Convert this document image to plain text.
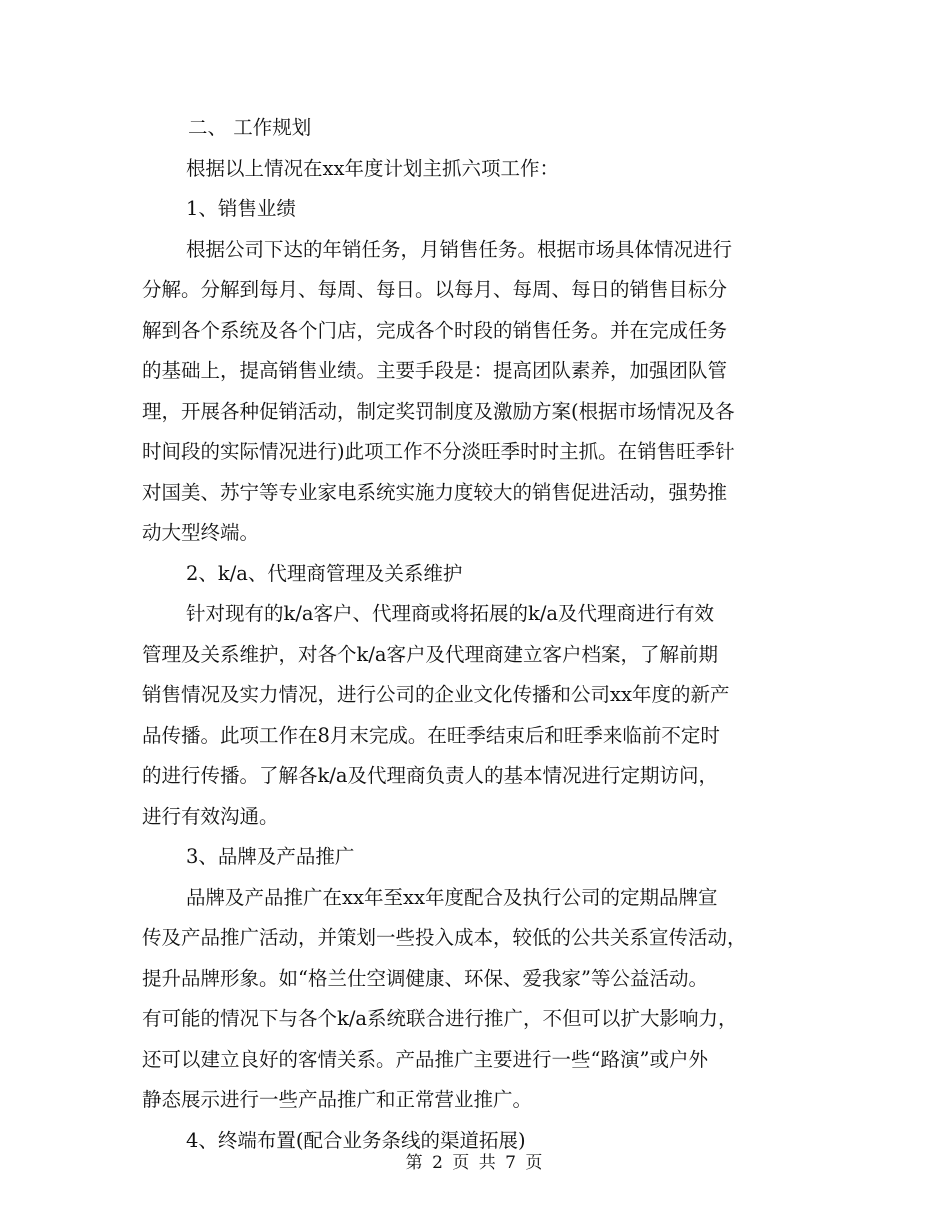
二、 工作规划
根据以上情况在xx年度计划主抓六项工作：
1、销售业绩
根据公司下达的年销任务，月销售任务。根据市场具体情况进行
分解。分解到每月、每周、每日。以每月、每周、每日的销售目标分
解到各个系统及各个门店，完成各个时段的销售任务。并在完成任务
的基础上，提高销售业绩。主要手段是：提高团队素养，加强团队管
理，开展各种促销活动，制定奖罚制度及激励方案(根据市场情况及各
时间段的实际情况进行)此项工作不分淡旺季时时主抓。在销售旺季针
对国美、苏宁等专业家电系统实施力度较大的销售促进活动，强势推
动大型终端。
2、k/a、代理商管理及关系维护
针对现有的k/a客户、代理商或将拓展的k/a及代理商进行有效
管理及关系维护，对各个k/a客户及代理商建立客户档案，了解前期
销售情况及实力情况，进行公司的企业文化传播和公司xx年度的新产
品传播。此项工作在8月末完成。在旺季结束后和旺季来临前不定时
的进行传播。了解各k/a及代理商负责人的基本情况进行定期访问，
进行有效沟通。
3、品牌及产品推广
品牌及产品推广在xx年至xx年度配合及执行公司的定期品牌宣
传及产品推广活动，并策划一些投入成本，较低的公共关系宣传活动，
提升品牌形象。如“格兰仕空调健康、环保、爱我家”等公益活动。
有可能的情况下与各个k/a系统联合进行推广，不但可以扩大影响力，
还可以建立良好的客情关系。产品推广主要进行一些“路演”或户外
静态展示进行一些产品推广和正常营业推广。
4、终端布置(配合业务条线的渠道拓展)
第 2 页 共 7 页
